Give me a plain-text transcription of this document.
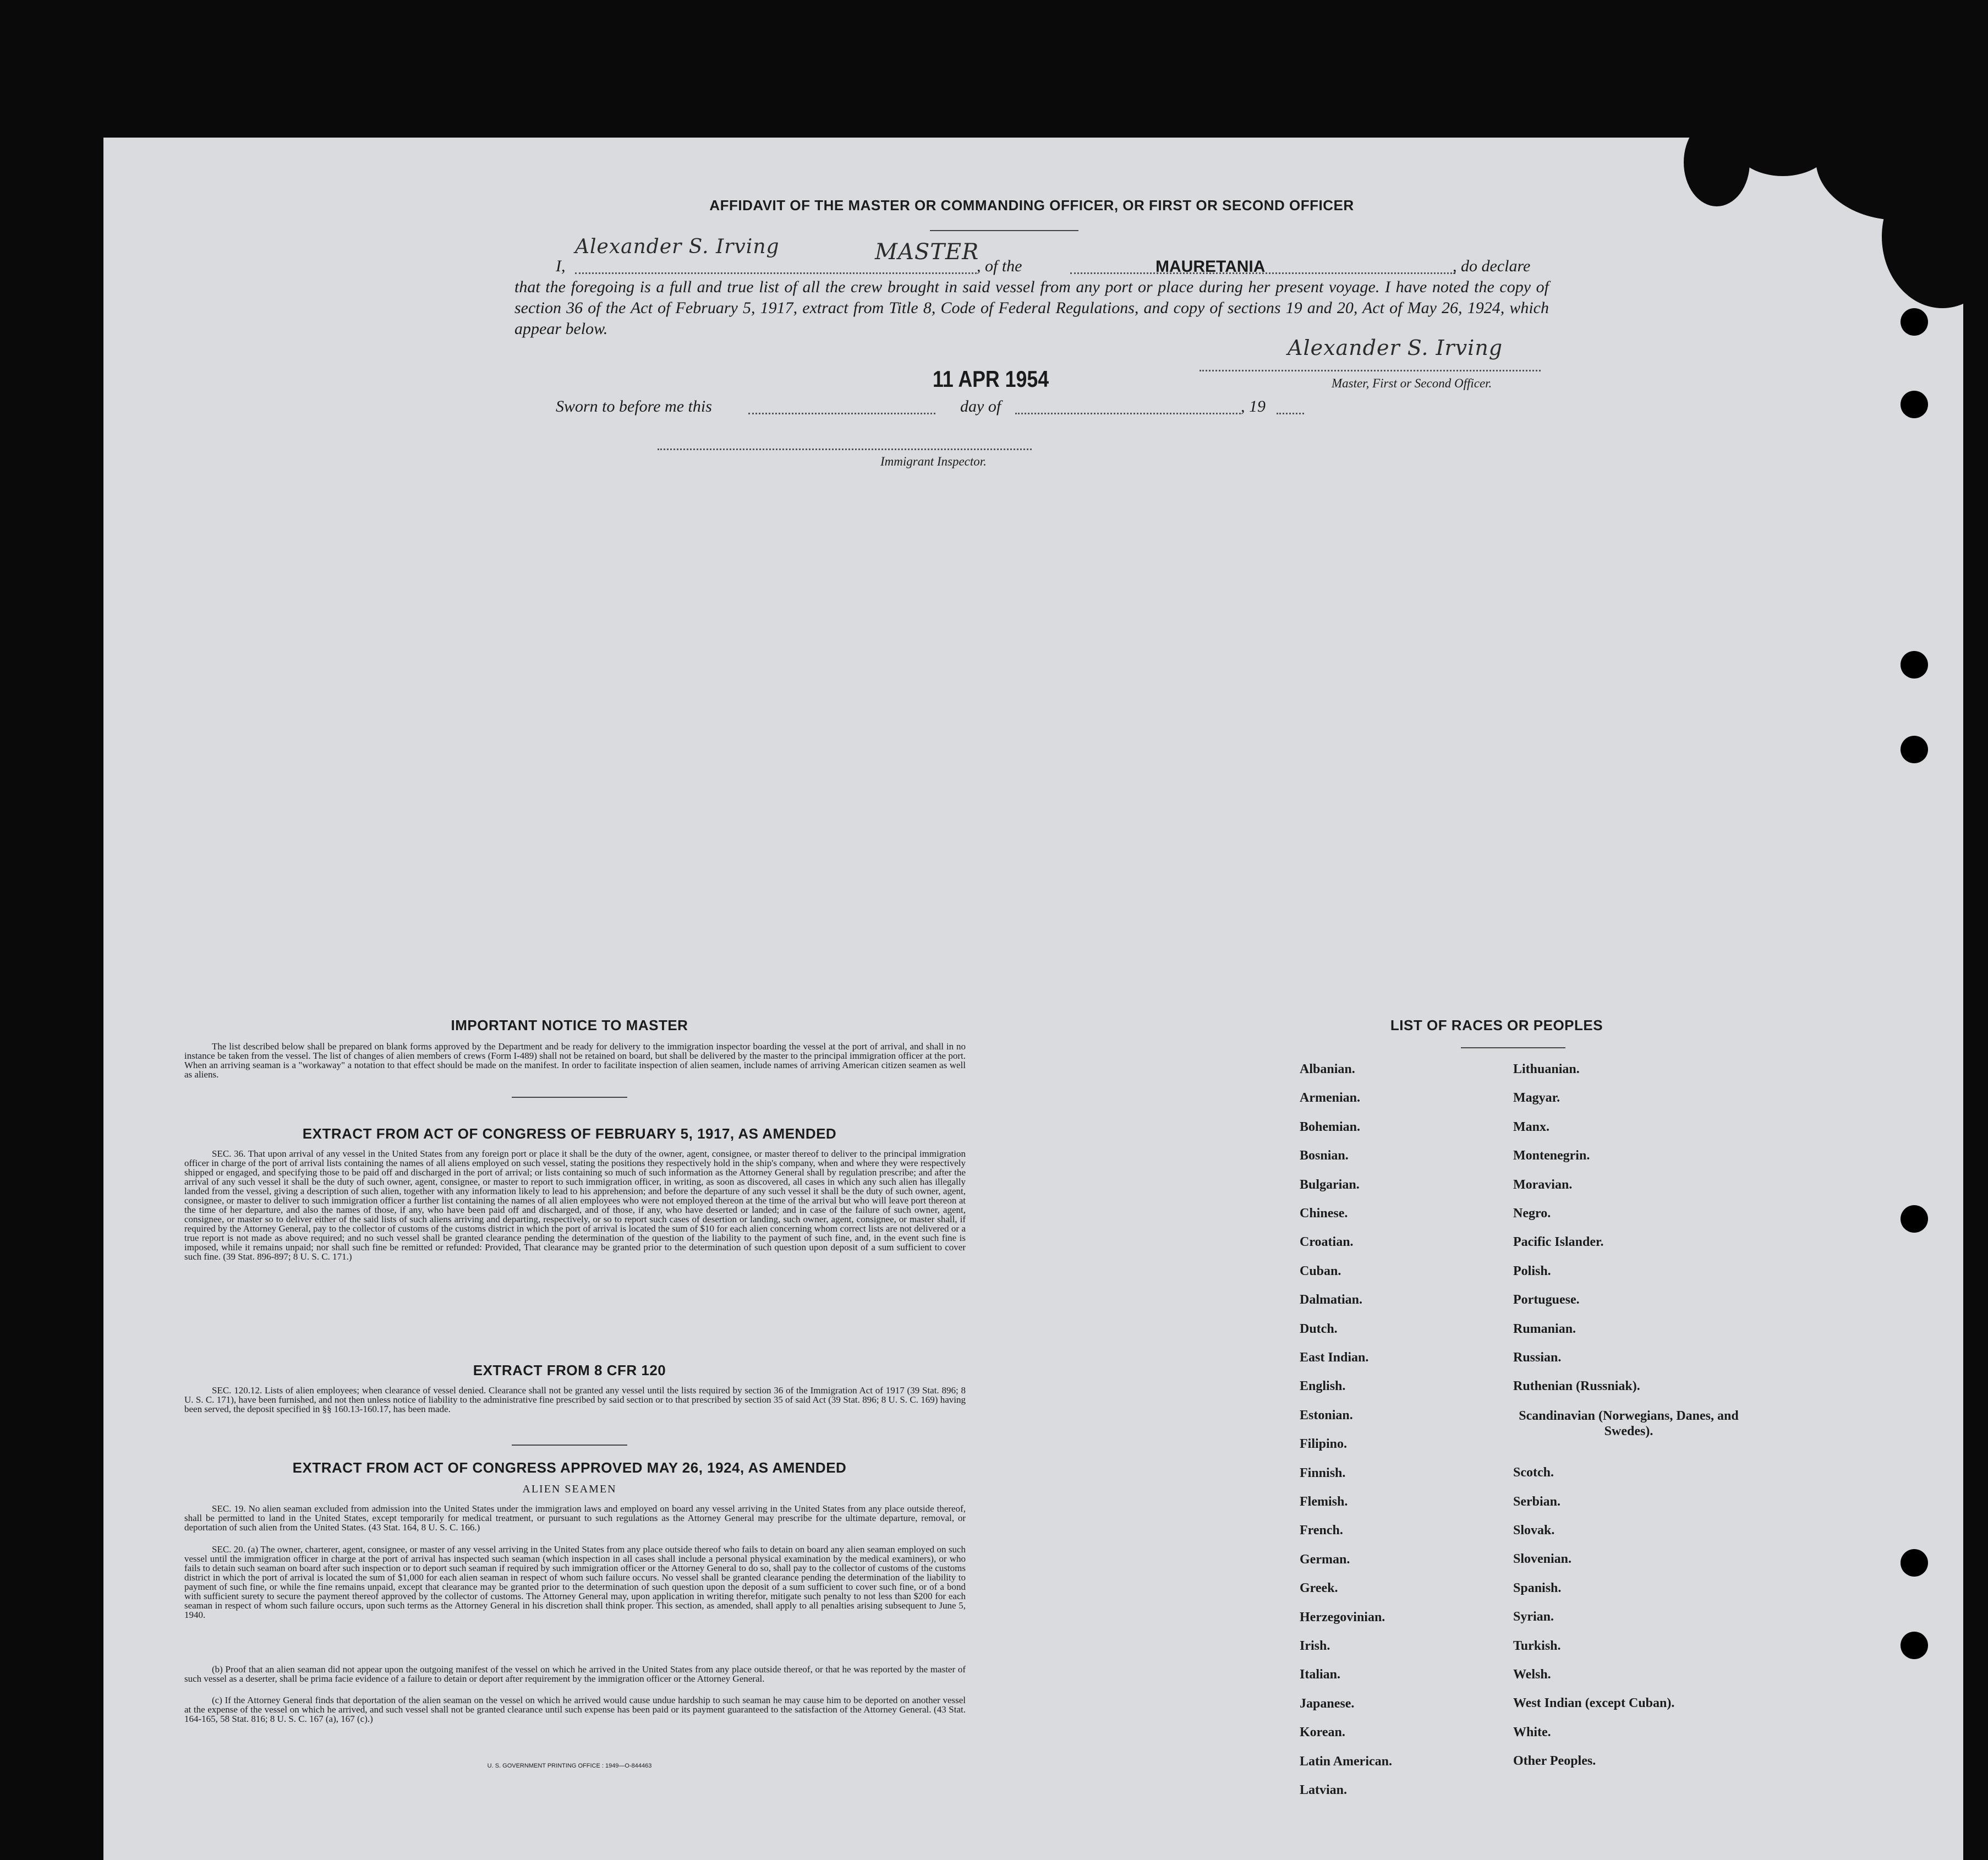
AFFIDAVIT OF THE MASTER OR COMMANDING OFFICER, OR FIRST OR SECOND OFFICER
I,
Alexander S. Irving	MASTER
, of the	MAURETANIA	, do declare
that the foregoing is a full and true list of all the crew brought in said vessel from any port or place during her present voyage. I have noted the copy of section 36 of the Act of February 5, 1917, extract from Title 8, Code of Federal Regulations, and copy of sections 19 and 20, Act of May 26, 1924, which appear below.
Alexander S. Irving
Master, First or Second Officer.
11 APR 1954
Sworn to before me this	day of	, 19
Immigrant Inspector.
IMPORTANT NOTICE TO MASTER
The list described below shall be prepared on blank forms approved by the Department and be ready for delivery to the immigration inspector boarding the vessel at the port of arrival, and shall in no instance be taken from the vessel. The list of changes of alien members of crews (Form I-489) shall not be retained on board, but shall be delivered by the master to the principal immigration officer at the port. When an arriving seaman is a "workaway" a notation to that effect should be made on the manifest. In order to facilitate inspection of alien seamen, include names of arriving American citizen seamen as well as aliens.
EXTRACT FROM ACT OF CONGRESS OF FEBRUARY 5, 1917, AS AMENDED
SEC. 36. That upon arrival of any vessel in the United States from any foreign port or place it shall be the duty of the owner, agent, consignee, or master thereof to deliver to the principal immigration officer in charge of the port of arrival lists containing the names of all aliens employed on such vessel, stating the positions they respectively hold in the ship's company, when and where they were respectively shipped or engaged, and specifying those to be paid off and discharged in the port of arrival; or lists containing so much of such information as the Attorney General shall by regulation prescribe; and after the arrival of any such vessel it shall be the duty of such owner, agent, consignee, or master to report to such immigration officer, in writing, as soon as discovered, all cases in which any such alien has illegally landed from the vessel, giving a description of such alien, together with any information likely to lead to his apprehension; and before the departure of any such vessel it shall be the duty of such owner, agent, consignee, or master to deliver to such immigration officer a further list containing the names of all alien employees who were not employed thereon at the time of the arrival but who will leave port thereon at the time of her departure, and also the names of those, if any, who have been paid off and discharged, and of those, if any, who have deserted or landed; and in case of the failure of such owner, agent, consignee, or master so to deliver either of the said lists of such aliens arriving and departing, respectively, or so to report such cases of desertion or landing, such owner, agent, consignee, or master shall, if required by the Attorney General, pay to the collector of customs of the customs district in which the port of arrival is located the sum of $10 for each alien concerning whom correct lists are not delivered or a true report is not made as above required; and no such vessel shall be granted clearance pending the determination of the question of the liability to the payment of such fine, and, in the event such fine is imposed, while it remains unpaid; nor shall such fine be remitted or refunded: Provided, That clearance may be granted prior to the determination of such question upon deposit of a sum sufficient to cover such fine. (39 Stat. 896-897; 8 U. S. C. 171.)
EXTRACT FROM 8 CFR 120
SEC. 120.12. Lists of alien employees; when clearance of vessel denied. Clearance shall not be granted any vessel until the lists required by section 36 of the Immigration Act of 1917 (39 Stat. 896; 8 U. S. C. 171), have been furnished, and not then unless notice of liability to the administrative fine prescribed by said section or to that prescribed by section 35 of said Act (39 Stat. 896; 8 U. S. C. 169) having been served, the deposit specified in §§ 160.13-160.17, has been made.
EXTRACT FROM ACT OF CONGRESS APPROVED MAY 26, 1924, AS AMENDED
ALIEN SEAMEN
SEC. 19. No alien seaman excluded from admission into the United States under the immigration laws and employed on board any vessel arriving in the United States from any place outside thereof, shall be permitted to land in the United States, except temporarily for medical treatment, or pursuant to such regulations as the Attorney General may prescribe for the ultimate departure, removal, or deportation of such alien from the United States. (43 Stat. 164, 8 U. S. C. 166.)
SEC. 20. (a) The owner, charterer, agent, consignee, or master of any vessel arriving in the United States from any place outside thereof who fails to detain on board any alien seaman employed on such vessel until the immigration officer in charge at the port of arrival has inspected such seaman (which inspection in all cases shall include a personal physical examination by the medical examiners), or who fails to detain such seaman on board after such inspection or to deport such seaman if required by such immigration officer or the Attorney General to do so, shall pay to the collector of customs of the customs district in which the port of arrival is located the sum of $1,000 for each alien seaman in respect of whom such failure occurs. No vessel shall be granted clearance pending the determination of the liability to payment of such fine, or while the fine remains unpaid, except that clearance may be granted prior to the determination of such question upon the deposit of a sum sufficient to cover such fine, or of a bond with sufficient surety to secure the payment thereof approved by the collector of customs. The Attorney General may, upon application in writing therefor, mitigate such penalty to not less than $200 for each seaman in respect of whom such failure occurs, upon such terms as the Attorney General in his discretion shall think proper. This section, as amended, shall apply to all penalties arising subsequent to June 5, 1940.
(b) Proof that an alien seaman did not appear upon the outgoing manifest of the vessel on which he arrived in the United States from any place outside thereof, or that he was reported by the master of such vessel as a deserter, shall be prima facie evidence of a failure to detain or deport after requirement by the immigration officer or the Attorney General.
(c) If the Attorney General finds that deportation of the alien seaman on the vessel on which he arrived would cause undue hardship to such seaman he may cause him to be deported on another vessel at the expense of the vessel on which he arrived, and such vessel shall not be granted clearance until such expense has been paid or its payment guaranteed to the satisfaction of the Attorney General. (43 Stat. 164-165, 58 Stat. 816; 8 U. S. C. 167 (a), 167 (c).)
U. S. GOVERNMENT PRINTING OFFICE : 1949—O-844463
LIST OF RACES OR PEOPLES
Albanian.
Armenian.
Bohemian.
Bosnian.
Bulgarian.
Chinese.
Croatian.
Cuban.
Dalmatian.
Dutch.
East Indian.
English.
Estonian.
Filipino.
Finnish.
Flemish.
French.
German.
Greek.
Herzegovinian.
Irish.
Italian.
Japanese.
Korean.
Latin American.
Latvian.
Lithuanian.
Magyar.
Manx.
Montenegrin.
Moravian.
Negro.
Pacific Islander.
Polish.
Portuguese.
Rumanian.
Russian.
Ruthenian (Russniak).
Scandinavian (Norwegians, Danes, and Swedes).
Scotch.
Serbian.
Slovak.
Slovenian.
Spanish.
Syrian.
Turkish.
Welsh.
West Indian (except Cuban).
White.
Other Peoples.
